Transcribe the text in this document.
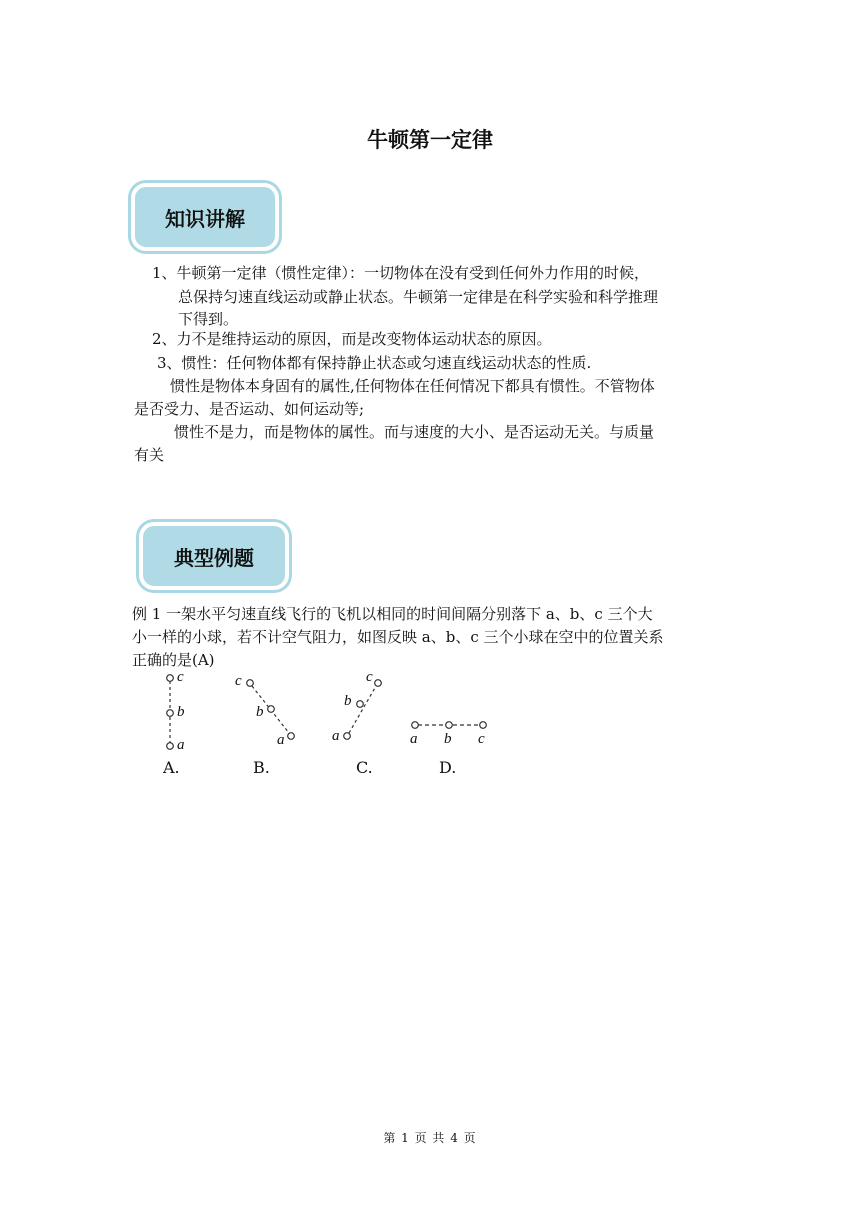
牛顿第一定律
知识讲解
1、牛顿第一定律（惯性定律）：一切物体在没有受到任何外力作用的时候，
总保持匀速直线运动或静止状态。牛顿第一定律是在科学实验和科学推理
下得到。
2、力不是维持运动的原因，而是改变物体运动状态的原因。
3、惯性：任何物体都有保持静止状态或匀速直线运动状态的性质.
惯性是物体本身固有的属性,任何物体在任何情况下都具有惯性。不管物体
是否受力、是否运动、如何运动等;
惯性不是力，而是物体的属性。而与速度的大小、是否运动无关。与质量
有关
典型例题
例 1 一架水平匀速直线飞行的飞机以相同的时间间隔分别落下 a、b、c 三个大
小一样的小球，若不计空气阻力，如图反映 a、b、c 三个小球在空中的位置关系
正确的是(A)
c
b
a
c
b
a
c
b
a	a b c
A.	B.	C.	D.
第 1 页 共 4 页
